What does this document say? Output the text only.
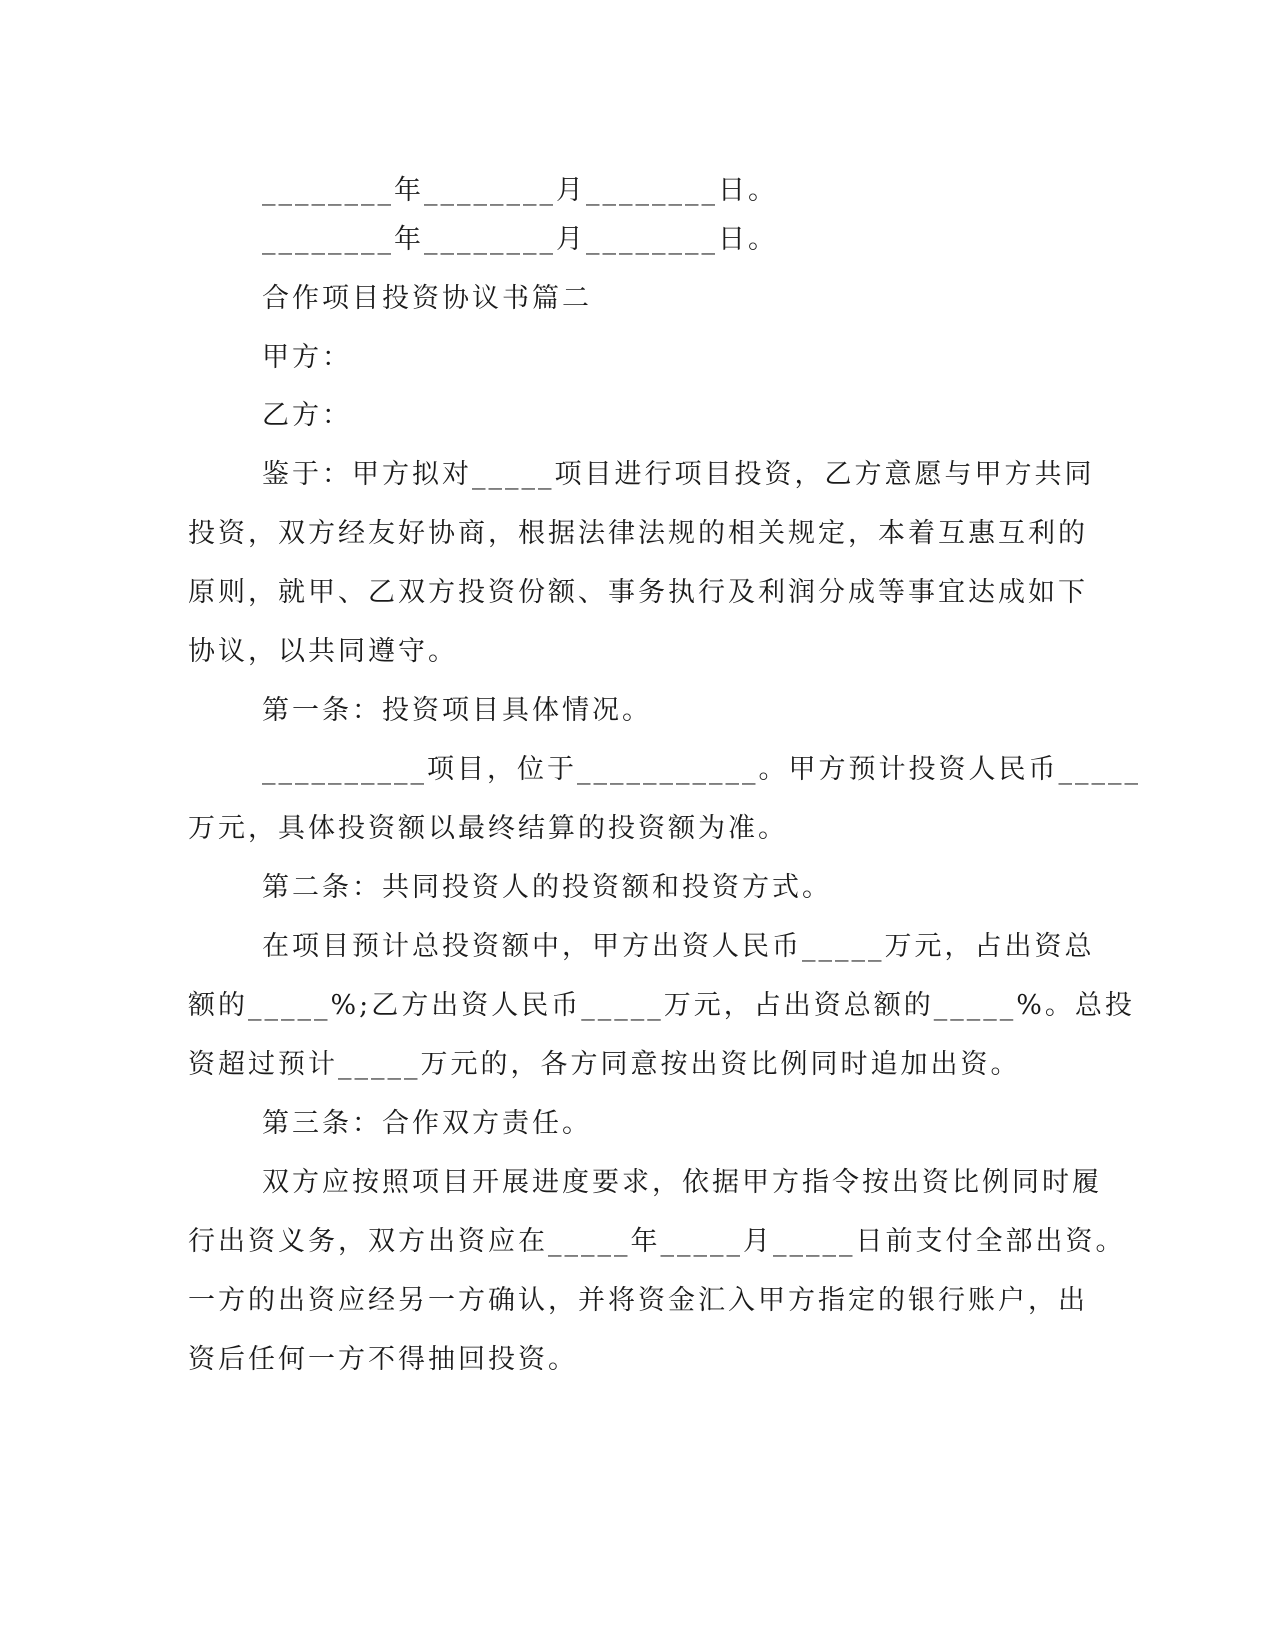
________年________月________日。
________年________月________日。
合作项目投资协议书篇二
甲方：
乙方：
鉴于：甲方拟对_____项目进行项目投资，乙方意愿与甲方共同
投资，双方经友好协商，根据法律法规的相关规定，本着互惠互利的
原则，就甲、乙双方投资份额、事务执行及利润分成等事宜达成如下
协议，以共同遵守。
第一条：投资项目具体情况。
__________项目，位于___________。甲方预计投资人民币_____
万元，具体投资额以最终结算的投资额为准。
第二条：共同投资人的投资额和投资方式。
在项目预计总投资额中，甲方出资人民币_____万元，占出资总
额的_____%;乙方出资人民币_____万元，占出资总额的_____%。总投
资超过预计_____万元的，各方同意按出资比例同时追加出资。
第三条：合作双方责任。
双方应按照项目开展进度要求，依据甲方指令按出资比例同时履
行出资义务，双方出资应在_____年_____月_____日前支付全部出资。
一方的出资应经另一方确认，并将资金汇入甲方指定的银行账户，出
资后任何一方不得抽回投资。
